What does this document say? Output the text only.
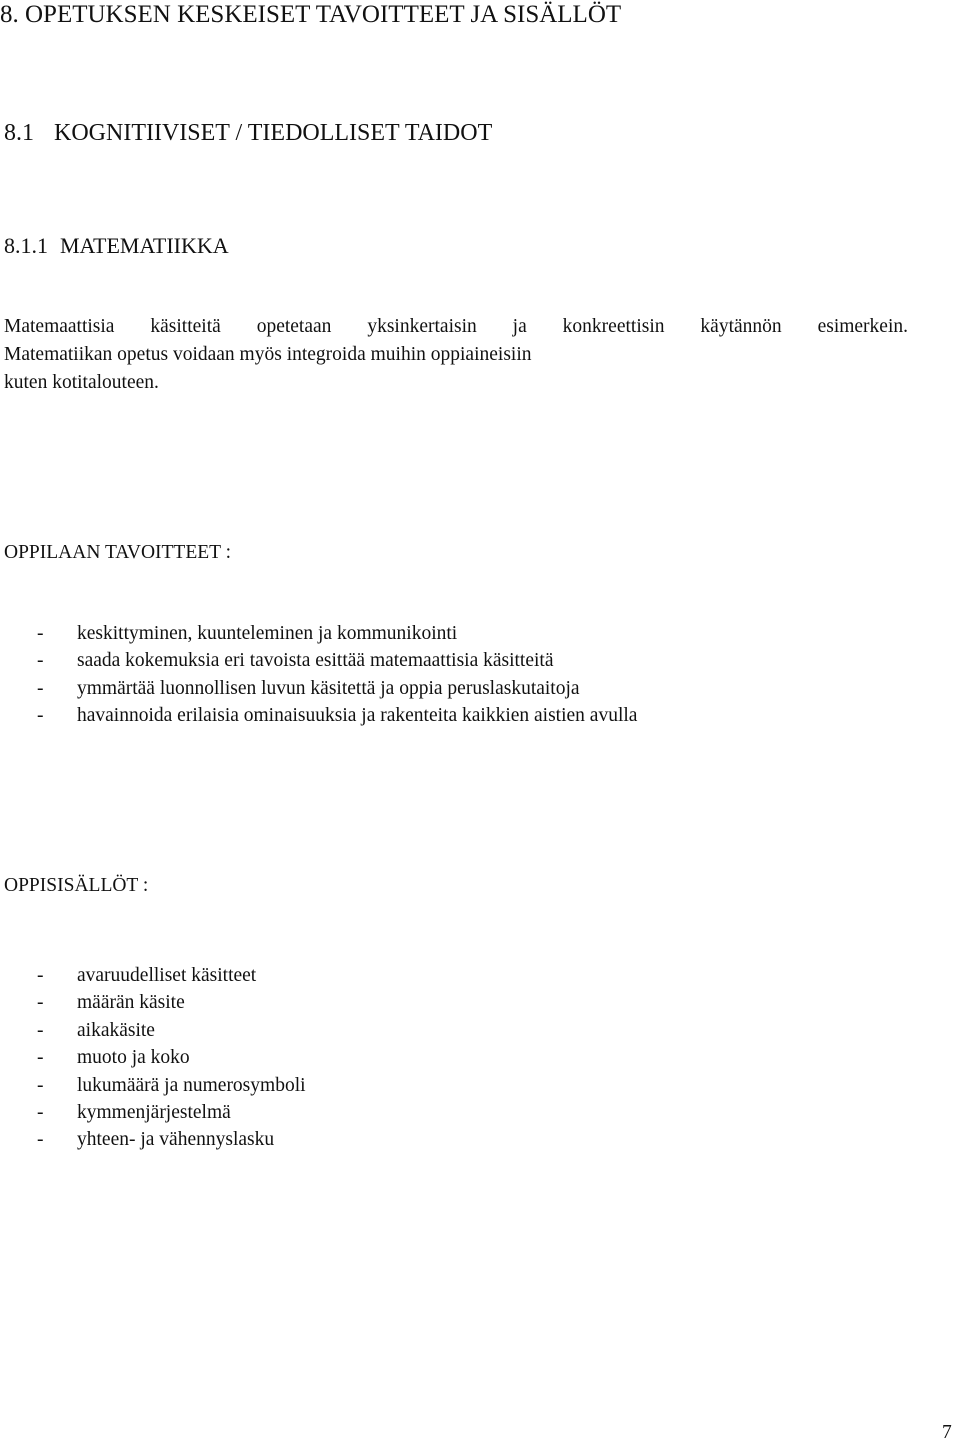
8. OPETUKSEN KESKEISET TAVOITTEET JA SISÄLLÖT
8.1 KOGNITIIVISET / TIEDOLLISET TAIDOT
8.1.1 MATEMATIIKKA
Matemaattisia käsitteitä opetetaan yksinkertaisin ja konkreettisin käytännön esimerkein.
Matematiikan opetus voidaan myös integroida muihin oppiaineisiin
kuten kotitalouteen.
OPPILAAN TAVOITTEET :
- keskittyminen, kuunteleminen ja kommunikointi
- saada kokemuksia eri tavoista esittää matemaattisia käsitteitä
- ymmärtää luonnollisen luvun käsitettä ja oppia peruslaskutaitoja
- havainnoida erilaisia ominaisuuksia ja rakenteita kaikkien aistien avulla
OPPISISÄLLÖT :
- avaruudelliset käsitteet
- määrän käsite
- aikakäsite
- muoto ja koko
- lukumäärä ja numerosymboli
- kymmenjärjestelmä
- yhteen- ja vähennyslasku
7
